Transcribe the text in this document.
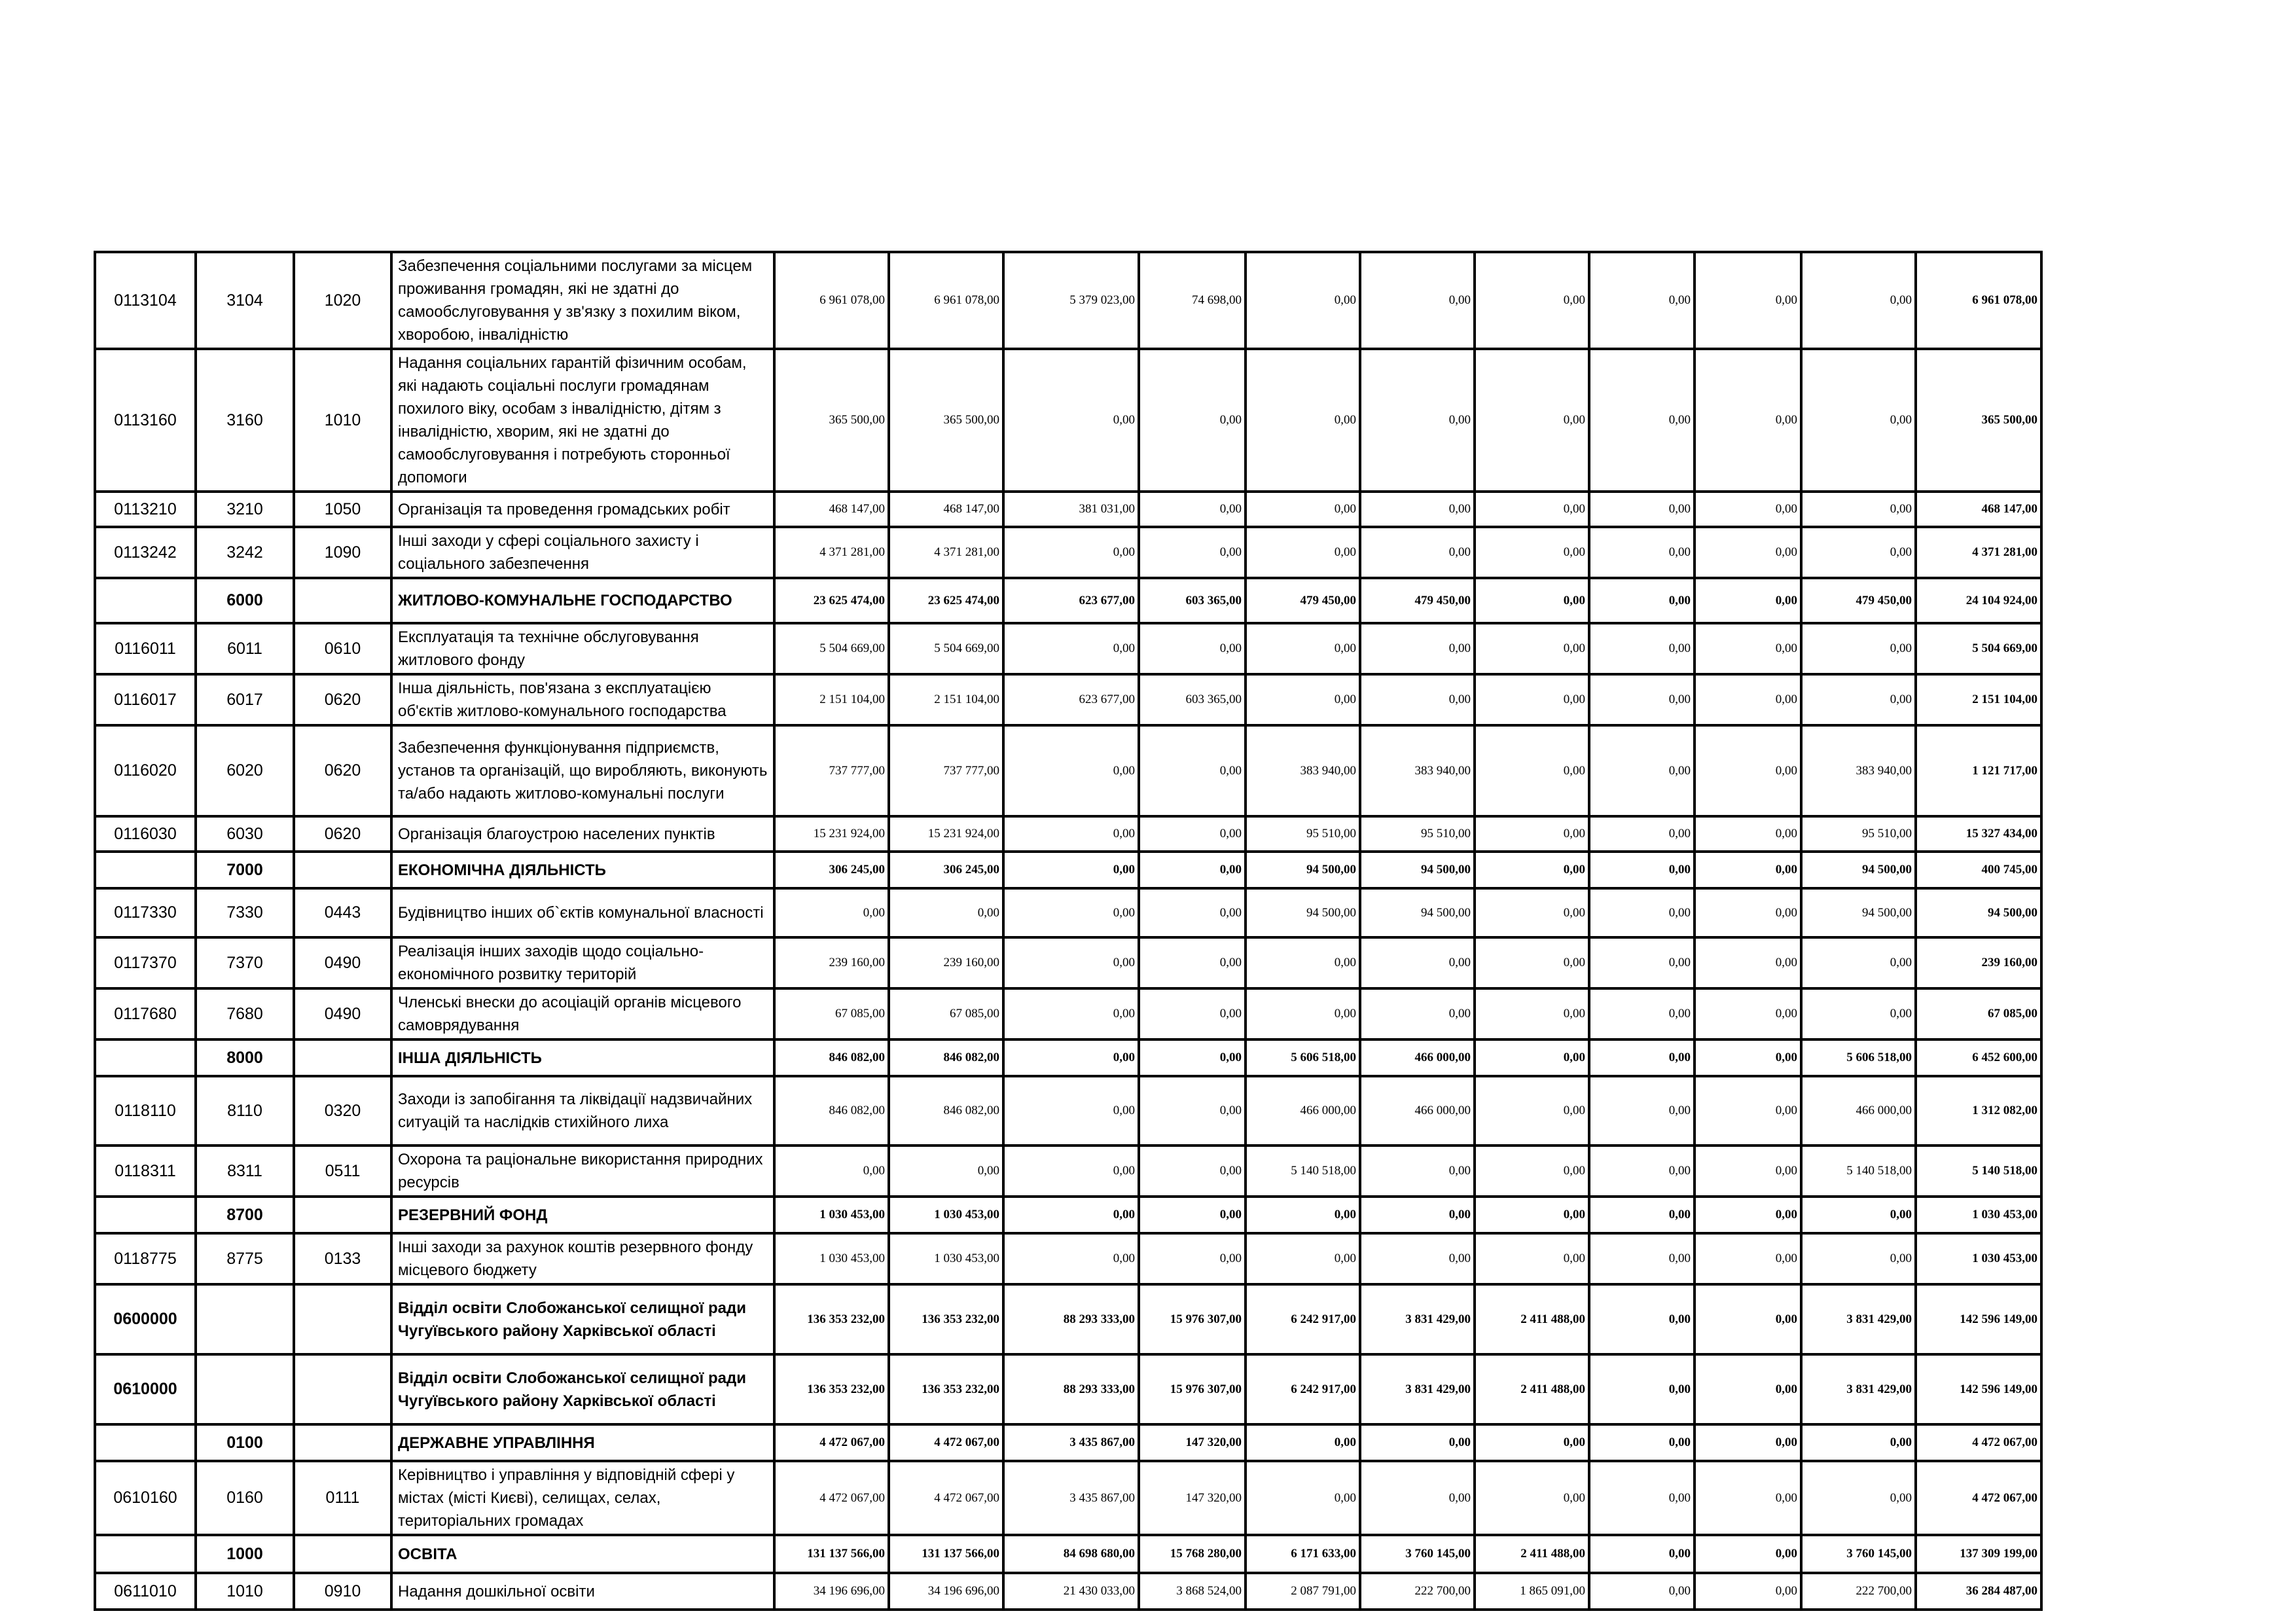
0113104	3104	1020	Забезпечення соціальними послугами за місцем проживання громадян, які не здатні до самообслуговування у зв'язку з похилим віком, хворобою, інвалідністю	6 961 078,00	6 961 078,00	5 379 023,00	74 698,00	0,00	0,00	0,00	0,00	0,00	0,00	6 961 078,00
0113160	3160	1010	Надання соціальних гарантій фізичним особам, які надають соціальні послуги громадянам похилого віку, особам з інвалідністю, дітям з інвалідністю, хворим, які не здатні до самообслуговування і потребують сторонньої допомоги	365 500,00	365 500,00	0,00	0,00	0,00	0,00	0,00	0,00	0,00	0,00	365 500,00
0113210	3210	1050	Організація та проведення громадських робіт	468 147,00	468 147,00	381 031,00	0,00	0,00	0,00	0,00	0,00	0,00	0,00	468 147,00
0113242	3242	1090	Інші заходи у сфері соціального захисту і соціального забезпечення	4 371 281,00	4 371 281,00	0,00	0,00	0,00	0,00	0,00	0,00	0,00	0,00	4 371 281,00
	6000		ЖИТЛОВО-КОМУНАЛЬНЕ ГОСПОДАРСТВО	23 625 474,00	23 625 474,00	623 677,00	603 365,00	479 450,00	479 450,00	0,00	0,00	0,00	479 450,00	24 104 924,00
0116011	6011	0610	Експлуатація та технічне обслуговування житлового фонду	5 504 669,00	5 504 669,00	0,00	0,00	0,00	0,00	0,00	0,00	0,00	0,00	5 504 669,00
0116017	6017	0620	Інша діяльність, пов'язана з експлуатацією об'єктів житлово-комунального господарства	2 151 104,00	2 151 104,00	623 677,00	603 365,00	0,00	0,00	0,00	0,00	0,00	0,00	2 151 104,00
0116020	6020	0620	Забезпечення функціонування підприємств, установ та організацій, що виробляють, виконують та/або надають житлово-комунальні послуги	737 777,00	737 777,00	0,00	0,00	383 940,00	383 940,00	0,00	0,00	0,00	383 940,00	1 121 717,00
0116030	6030	0620	Організація благоустрою населених пунктів	15 231 924,00	15 231 924,00	0,00	0,00	95 510,00	95 510,00	0,00	0,00	0,00	95 510,00	15 327 434,00
	7000		ЕКОНОМІЧНА ДІЯЛЬНІСТЬ	306 245,00	306 245,00	0,00	0,00	94 500,00	94 500,00	0,00	0,00	0,00	94 500,00	400 745,00
0117330	7330	0443	Будівництво інших об`єктів комунальної власності	0,00	0,00	0,00	0,00	94 500,00	94 500,00	0,00	0,00	0,00	94 500,00	94 500,00
0117370	7370	0490	Реалізація інших заходів щодо соціально-економічного розвитку територій	239 160,00	239 160,00	0,00	0,00	0,00	0,00	0,00	0,00	0,00	0,00	239 160,00
0117680	7680	0490	Членські внески до асоціацій органів місцевого самоврядування	67 085,00	67 085,00	0,00	0,00	0,00	0,00	0,00	0,00	0,00	0,00	67 085,00
	8000		ІНША ДІЯЛЬНІСТЬ	846 082,00	846 082,00	0,00	0,00	5 606 518,00	466 000,00	0,00	0,00	0,00	5 606 518,00	6 452 600,00
0118110	8110	0320	Заходи із запобігання та ліквідації надзвичайних ситуацій та наслідків стихійного лиха	846 082,00	846 082,00	0,00	0,00	466 000,00	466 000,00	0,00	0,00	0,00	466 000,00	1 312 082,00
0118311	8311	0511	Охорона та раціональне використання природних ресурсів	0,00	0,00	0,00	0,00	5 140 518,00	0,00	0,00	0,00	0,00	5 140 518,00	5 140 518,00
	8700		РЕЗЕРВНИЙ ФОНД	1 030 453,00	1 030 453,00	0,00	0,00	0,00	0,00	0,00	0,00	0,00	0,00	1 030 453,00
0118775	8775	0133	Інші заходи за рахунок коштів резервного фонду місцевого бюджету	1 030 453,00	1 030 453,00	0,00	0,00	0,00	0,00	0,00	0,00	0,00	0,00	1 030 453,00
0600000			Відділ освіти Слобожанської селищної ради Чугуївського району Харківської області	136 353 232,00	136 353 232,00	88 293 333,00	15 976 307,00	6 242 917,00	3 831 429,00	2 411 488,00	0,00	0,00	3 831 429,00	142 596 149,00
0610000			Відділ освіти Слобожанської селищної ради Чугуївського району Харківської області	136 353 232,00	136 353 232,00	88 293 333,00	15 976 307,00	6 242 917,00	3 831 429,00	2 411 488,00	0,00	0,00	3 831 429,00	142 596 149,00
	0100		ДЕРЖАВНЕ УПРАВЛІННЯ	4 472 067,00	4 472 067,00	3 435 867,00	147 320,00	0,00	0,00	0,00	0,00	0,00	0,00	4 472 067,00
0610160	0160	0111	Керівництво і управління у відповідній сфері у містах (місті Києві), селищах, селах, територіальних громадах	4 472 067,00	4 472 067,00	3 435 867,00	147 320,00	0,00	0,00	0,00	0,00	0,00	0,00	4 472 067,00
	1000		ОСВІТА	131 137 566,00	131 137 566,00	84 698 680,00	15 768 280,00	6 171 633,00	3 760 145,00	2 411 488,00	0,00	0,00	3 760 145,00	137 309 199,00
0611010	1010	0910	Надання дошкільної освіти	34 196 696,00	34 196 696,00	21 430 033,00	3 868 524,00	2 087 791,00	222 700,00	1 865 091,00	0,00	0,00	222 700,00	36 284 487,00
